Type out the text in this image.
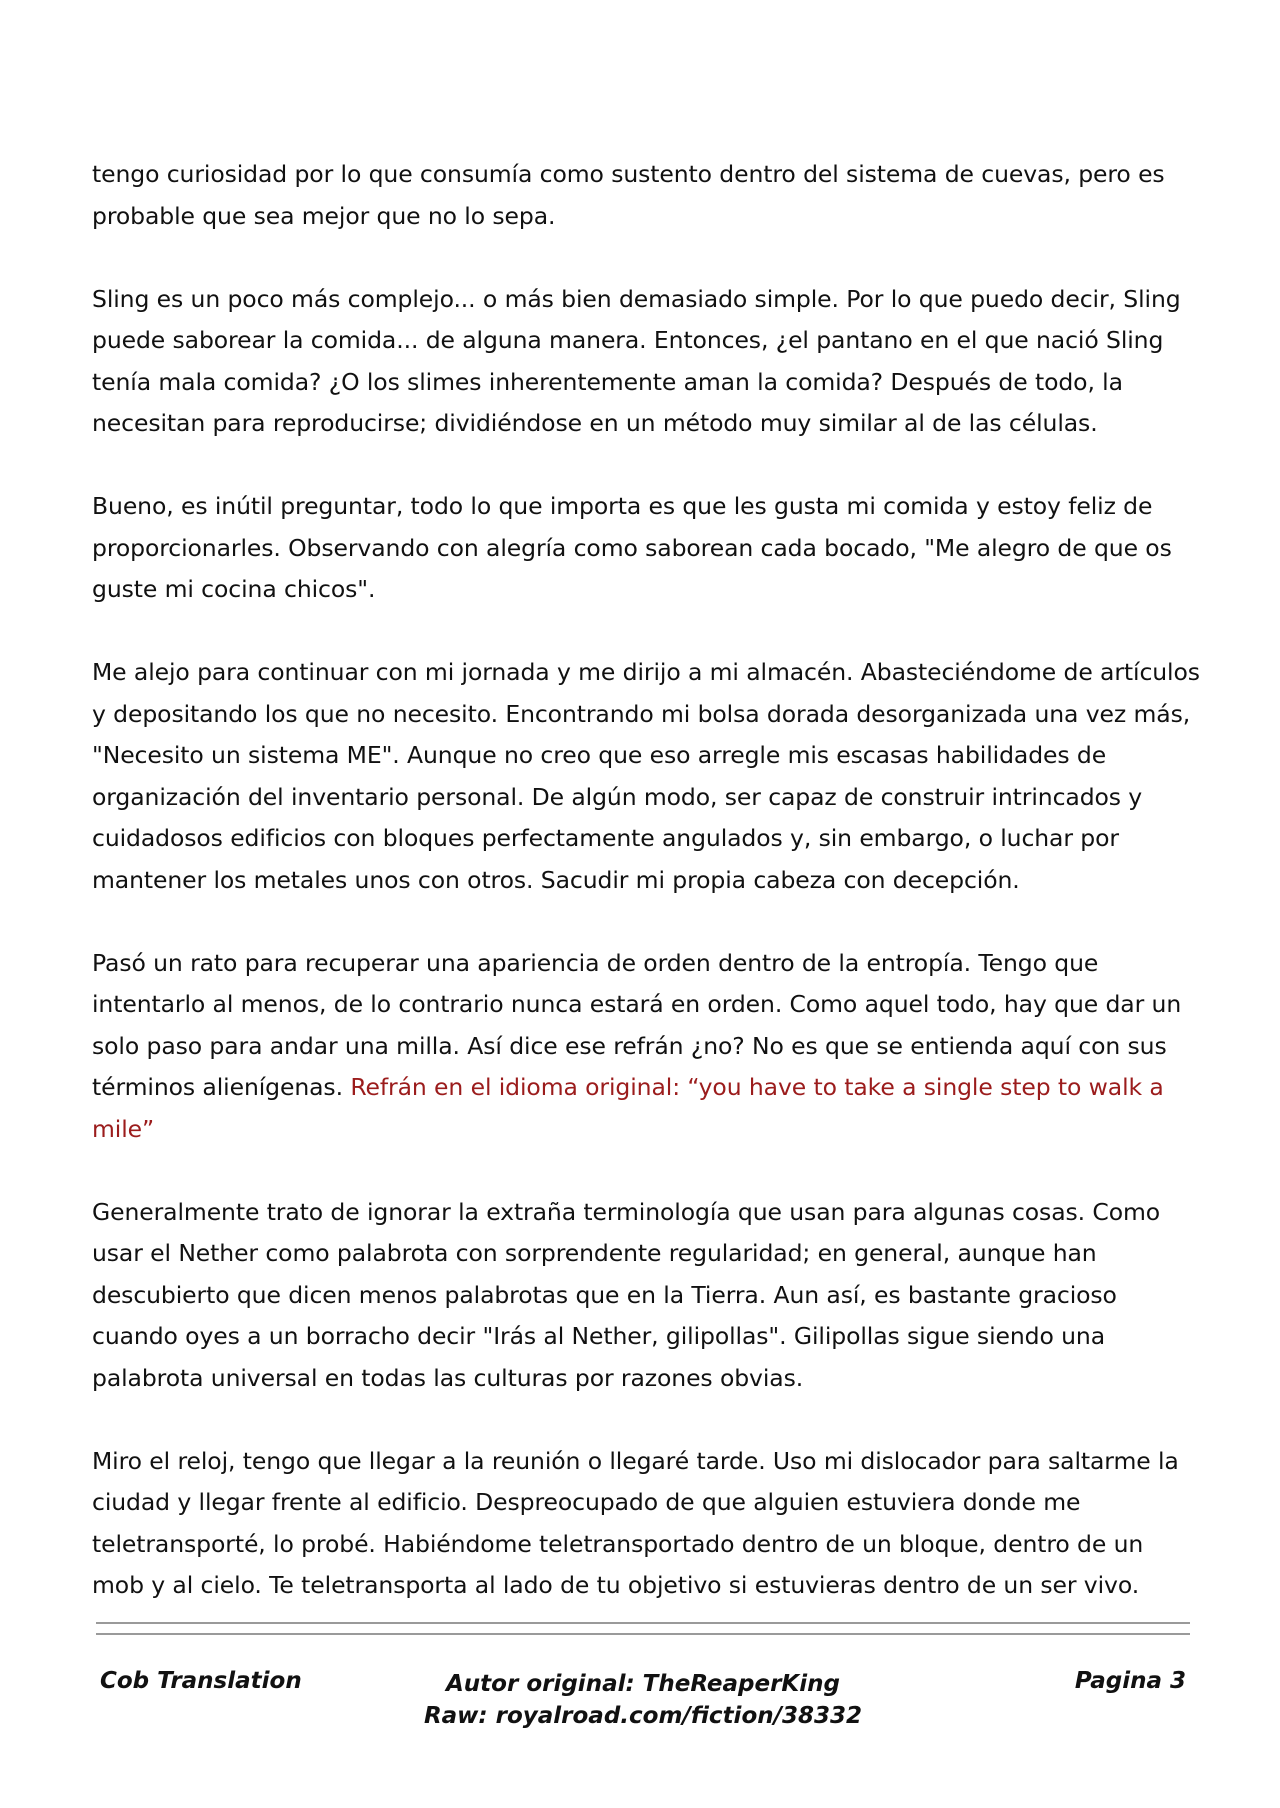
tengo curiosidad por lo que consumía como sustento dentro del sistema de cuevas, pero es probable que sea mejor que no lo sepa.

Sling es un poco más complejo... o más bien demasiado simple. Por lo que puedo decir, Sling puede saborear la comida... de alguna manera. Entonces, ¿el pantano en el que nació Sling tenía mala comida? ¿O los slimes inherentemente aman la comida? Después de todo, la necesitan para reproducirse; dividiéndose en un método muy similar al de las células.

Bueno, es inútil preguntar, todo lo que importa es que les gusta mi comida y estoy feliz de proporcionarles. Observando con alegría como saborean cada bocado, "Me alegro de que os guste mi cocina chicos".

Me alejo para continuar con mi jornada y me dirijo a mi almacén. Abasteciéndome de artículos y depositando los que no necesito. Encontrando mi bolsa dorada desorganizada una vez más, "Necesito un sistema ME". Aunque no creo que eso arregle mis escasas habilidades de organización del inventario personal. De algún modo, ser capaz de construir intrincados y cuidadosos edificios con bloques perfectamente angulados y, sin embargo, o luchar por mantener los metales unos con otros. Sacudir mi propia cabeza con decepción.

Pasó un rato para recuperar una apariencia de orden dentro de la entropía. Tengo que intentarlo al menos, de lo contrario nunca estará en orden. Como aquel todo, hay que dar un solo paso para andar una milla. Así dice ese refrán ¿no? No es que se entienda aquí con sus términos alienígenas. Refrán en el idioma original: “you have to take a single step to walk a mile”

Generalmente trato de ignorar la extraña terminología que usan para algunas cosas. Como usar el Nether como palabrota con sorprendente regularidad; en general, aunque han descubierto que dicen menos palabrotas que en la Tierra. Aun así, es bastante gracioso cuando oyes a un borracho decir "Irás al Nether, gilipollas". Gilipollas sigue siendo una palabrota universal en todas las culturas por razones obvias.

Miro el reloj, tengo que llegar a la reunión o llegaré tarde. Uso mi dislocador para saltarme la ciudad y llegar frente al edificio. Despreocupado de que alguien estuviera donde me teletransporté, lo probé. Habiéndome teletransportado dentro de un bloque, dentro de un mob y al cielo. Te teletransporta al lado de tu objetivo si estuvieras dentro de un ser vivo.

Cob Translation	Autor original: TheReaperKing
Raw: royalroad.com/fiction/38332
Pagina 3
